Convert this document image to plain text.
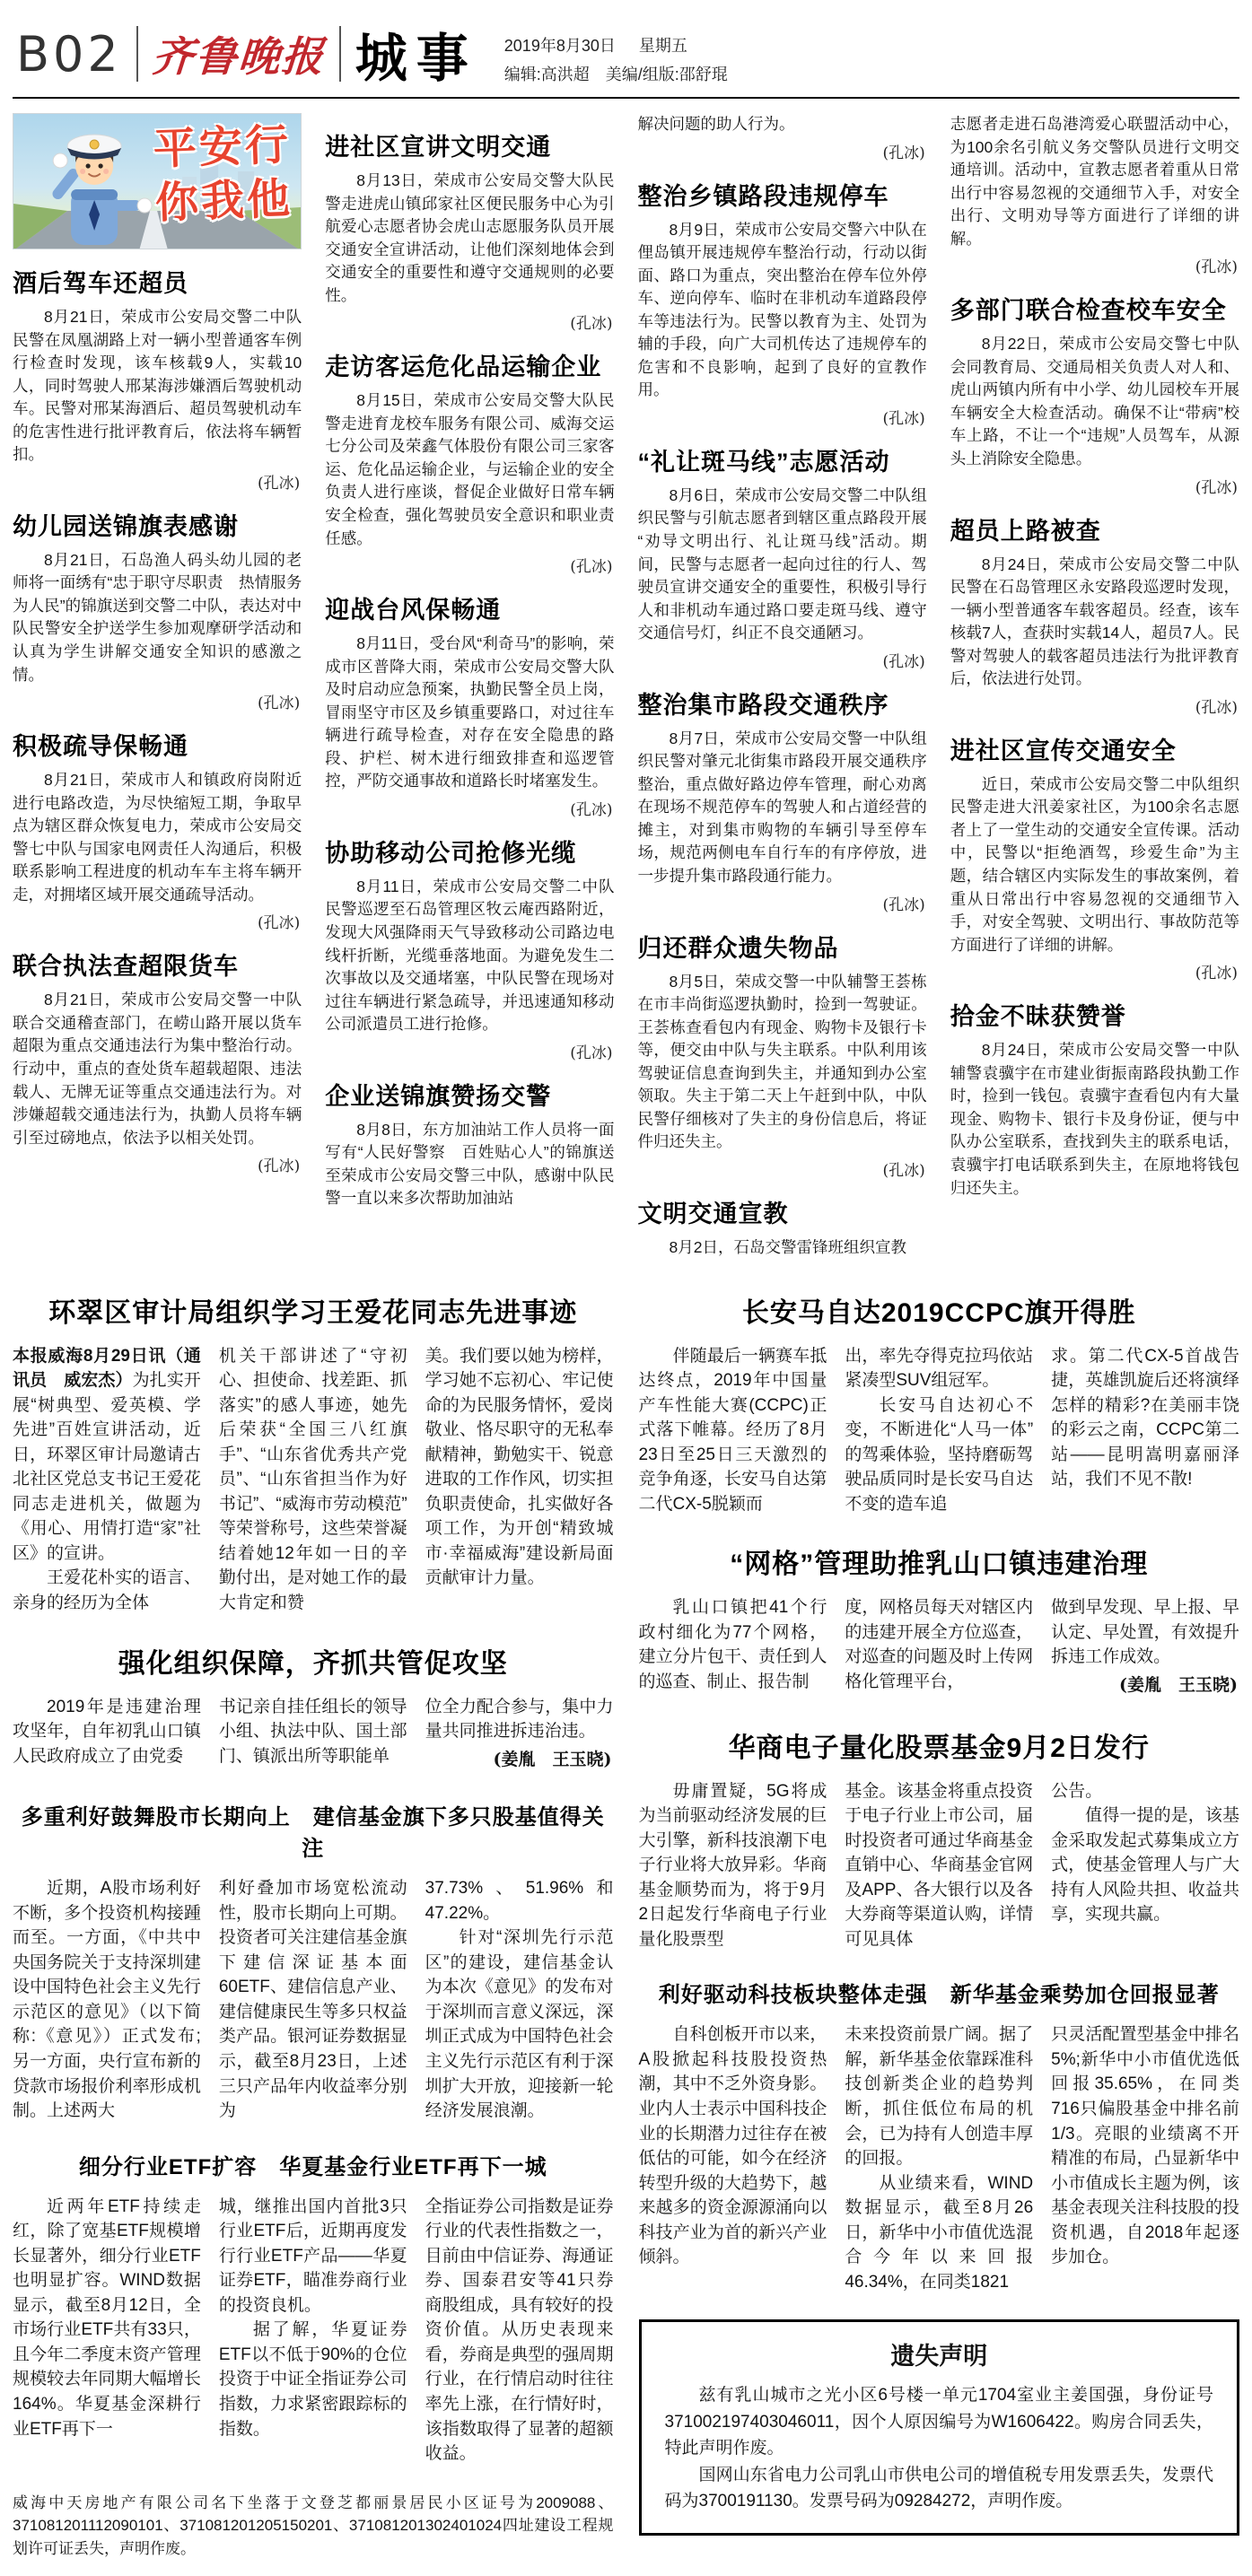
B02 齐鲁晚报 城事 2019年8月30日 星期五
编辑:高洪超　美编/组版:邵舒琨
平安行
你我他
酒后驾车还超员

8月21日，荣成市公安局交警二中队民警在凤凰湖路上对一辆小型普通客车例行检查时发现，该车核载9人，实载10人，同时驾驶人邢某海涉嫌酒后驾驶机动车。民警对邢某海酒后、超员驾驶机动车的危害性进行批评教育后，依法将车辆暂扣。

(孔冰)
幼儿园送锦旗表感谢

8月21日，石岛渔人码头幼儿园的老师将一面绣有“忠于职守尽职责　热情服务为人民”的锦旗送到交警二中队，表达对中队民警安全护送学生参加观摩研学活动和认真为学生讲解交通安全知识的感激之情。

(孔冰)
积极疏导保畅通

8月21日，荣成市人和镇政府岗附近进行电路改造，为尽快缩短工期，争取早点为辖区群众恢复电力，荣成市公安局交警七中队与国家电网责任人沟通后，积极联系影响工程进度的机动车车主将车辆开走，对拥堵区域开展交通疏导活动。

(孔冰)
联合执法查超限货车

8月21日，荣成市公安局交警一中队联合交通稽查部门，在崂山路开展以货车超限为重点交通违法行为集中整治行动。行动中，重点的查处货车超载超限、违法载人、无牌无证等重点交通违法行为。对涉嫌超载交通违法行为，执勤人员将车辆引至过磅地点，依法予以相关处罚。

(孔冰)
进社区宣讲文明交通

8月13日，荣成市公安局交警大队民警走进虎山镇邱家社区便民服务中心为引航爱心志愿者协会虎山志愿服务队员开展交通安全宣讲活动，让他们深刻地体会到交通安全的重要性和遵守交通规则的必要性。

(孔冰)
走访客运危化品运输企业

8月15日，荣成市公安局交警大队民警走进育龙校车服务有限公司、威海交运七分公司及荣鑫气体股份有限公司三家客运、危化品运输企业，与运输企业的安全负责人进行座谈，督促企业做好日常车辆安全检查，强化驾驶员安全意识和职业责任感。

(孔冰)
迎战台风保畅通

8月11日，受台风“利奇马”的影响，荣成市区普降大雨，荣成市公安局交警大队及时启动应急预案，执勤民警全员上岗，冒雨坚守市区及乡镇重要路口，对过往车辆进行疏导检查，对存在安全隐患的路段、护栏、树木进行细致排查和巡逻管控，严防交通事故和道路长时堵塞发生。

(孔冰)
协助移动公司抢修光缆

8月11日，荣成市公安局交警二中队民警巡逻至石岛管理区牧云庵西路附近，发现大风强降雨天气导致移动公司路边电线杆折断，光缆垂落地面。为避免发生二次事故以及交通堵塞，中队民警在现场对过往车辆进行紧急疏导，并迅速通知移动公司派遣员工进行抢修。

(孔冰)
企业送锦旗赞扬交警

8月8日，东方加油站工作人员将一面写有“人民好警察　百姓贴心人”的锦旗送至荣成市公安局交警三中队，感谢中队民警一直以来多次帮助加油站

解决问题的助人行为。

(孔冰)
整治乡镇路段违规停车

8月9日，荣成市公安局交警六中队在俚岛镇开展违规停车整治行动，行动以街面、路口为重点，突出整治在停车位外停车、逆向停车、临时在非机动车道路段停车等违法行为。民警以教育为主、处罚为辅的手段，向广大司机传达了违规停车的危害和不良影响，起到了良好的宣教作用。

(孔冰)
“礼让斑马线”志愿活动

8月6日，荣成市公安局交警二中队组织民警与引航志愿者到辖区重点路段开展“劝导文明出行、礼让斑马线”活动。期间，民警与志愿者一起向过往的行人、驾驶员宣讲交通安全的重要性，积极引导行人和非机动车通过路口要走斑马线、遵守交通信号灯，纠正不良交通陋习。

(孔冰)
整治集市路段交通秩序

8月7日，荣成市公安局交警一中队组织民警对肇元北街集市路段开展交通秩序整治，重点做好路边停车管理，耐心劝离在现场不规范停车的驾驶人和占道经营的摊主，对到集市购物的车辆引导至停车场，规范两侧电车自行车的有序停放，进一步提升集市路段通行能力。

(孔冰)
归还群众遗失物品

8月5日，荣成交警一中队辅警王荟栋在市丰尚街巡逻执勤时，捡到一驾驶证。王荟栋查看包内有现金、购物卡及银行卡等，便交由中队与失主联系。中队利用该驾驶证信息查询到失主，并通知到办公室领取。失主于第二天上午赶到中队，中队民警仔细核对了失主的身份信息后，将证件归还失主。

(孔冰)
文明交通宣教

8月2日，石岛交警雷锋班组织宣教

志愿者走进石岛港湾爱心联盟活动中心，为100余名引航义务交警队员进行文明交通培训。活动中，宣教志愿者着重从日常出行中容易忽视的交通细节入手，对安全出行、文明劝导等方面进行了详细的讲解。

(孔冰)
多部门联合检查校车安全

8月22日，荣成市公安局交警七中队会同教育局、交通局相关负责人对人和、虎山两镇内所有中小学、幼儿园校车开展车辆安全大检查活动。确保不让“带病”校车上路，不让一个“违规”人员驾车，从源头上消除安全隐患。

(孔冰)
超员上路被查

8月24日，荣成市公安局交警二中队民警在石岛管理区永安路段巡逻时发现，一辆小型普通客车载客超员。经查，该车核载7人，查获时实载14人，超员7人。民警对驾驶人的载客超员违法行为批评教育后，依法进行处罚。

(孔冰)
进社区宣传交通安全

近日，荣成市公安局交警二中队组织民警走进大汛姜家社区，为100余名志愿者上了一堂生动的交通安全宣传课。活动中，民警以“拒绝酒驾，珍爱生命”为主题，结合辖区内实际发生的事故案例，着重从日常出行中容易忽视的交通细节入手，对安全驾驶、文明出行、事故防范等方面进行了详细的讲解。

(孔冰)
拾金不昧获赞誉

8月24日，荣成市公安局交警一中队辅警袁骥宇在市建业街振南路段执勤工作时，捡到一钱包。袁骥宇查看包内有大量现金、购物卡、银行卡及身份证，便与中队办公室联系，查找到失主的联系电话，袁骥宇打电话联系到失主，在原地将钱包归还失主。

环翠区审计局组织学习王爱花同志先进事迹

本报威海8月29日讯（通讯员　威宏杰）为扎实开展“树典型、爱英模、学先进”百姓宣讲活动，近日，环翠区审计局邀请古北社区党总支书记王爱花同志走进机关，做题为《用心、用情打造“家”社区》的宣讲。

王爱花朴实的语言、亲身的经历为全体

机关干部讲述了“守初心、担使命、找差距、抓落实”的感人事迹，她先后荣获“全国三八红旗手”、“山东省优秀共产党员”、“山东省担当作为好书记”、“威海市劳动模范”等荣誉称号，这些荣誉凝结着她12年如一日的辛勤付出，是对她工作的最大肯定和赞

美。我们要以她为榜样，学习她不忘初心、牢记使命的为民服务情怀，爱岗敬业、恪尽职守的无私奉献精神，勤勉实干、锐意进取的工作作风，切实担负职责使命，扎实做好各项工作，为开创“精致城市·幸福威海”建设新局面贡献审计力量。

强化组织保障，齐抓共管促攻坚

2019年是违建治理攻坚年，自年初乳山口镇人民政府成立了由党委

书记亲自挂任组长的领导小组、执法中队、国土部门、镇派出所等职能单

位全力配合参与，集中力量共同推进拆违治违。

(姜胤　王玉晓)

多重利好鼓舞股市长期向上　建信基金旗下多只股基值得关注

近期，A股市场利好不断，多个投资机构接踵而至。一方面，《中共中央国务院关于支持深圳建设中国特色社会主义先行示范区的意见》（以下简称:《意见》）正式发布;另一方面，央行宣布新的贷款市场报价利率形成机制。上述两大

利好叠加市场宽松流动性，股市长期向上可期。投资者可关注建信基金旗下建信深证基本面60ETF、建信信息产业、建信健康民生等多只权益类产品。银河证券数据显示，截至8月23日，上述三只产品年内收益率分别为

37.73%、51.96%和47.22%。

针对“深圳先行示范区”的建设，建信基金认为本次《意见》的发布对于深圳而言意义深远，深圳正式成为中国特色社会主义先行示范区有利于深圳扩大开放，迎接新一轮经济发展浪潮。

细分行业ETF扩容　华夏基金行业ETF再下一城

近两年ETF持续走红，除了宽基ETF规模增长显著外，细分行业ETF也明显扩容。WIND数据显示，截至8月12日，全市场行业ETF共有33只，且今年二季度末资产管理规模较去年同期大幅增长164%。华夏基金深耕行业ETF再下一

城，继推出国内首批3只行业ETF后，近期再度发行行业ETF产品——华夏证券ETF，瞄准券商行业的投资良机。

据了解，华夏证券ETF以不低于90%的仓位投资于中证全指证券公司指数，力求紧密跟踪标的指数。

全指证券公司指数是证券行业的代表性指数之一，目前由中信证券、海通证券、国泰君安等41只券商股组成，具有较好的投资价值。从历史表现来看，券商是典型的强周期行业，在行情启动时往往率先上涨，在行情好时，该指数取得了显著的超额收益。

威海中天房地产有限公司名下坐落于文登芝都丽景居民小区证号为2009088、371081201112090101、371081201205150201、371081201302401024四址建设工程规划许可证丢失，声明作废。

长安马自达2019CCPC旗开得胜

伴随最后一辆赛车抵达终点，2019年中国量产车性能大赛(CCPC)正式落下帷幕。经历了8月23日至25日三天激烈的竞争角逐，长安马自达第二代CX-5脱颖而

出，率先夺得克拉玛依站紧凑型SUV组冠军。

长安马自达初心不变，不断进化“人马一体”的驾乘体验，坚持磨砺驾驶品质同时是长安马自达不变的造车追

求。第二代CX-5首战告捷，英雄凯旋后还将演绎怎样的精彩?在美丽丰饶的彩云之南，CCPC第二站——昆明嵩明嘉丽泽站，我们不见不散!

“网格”管理助推乳山口镇违建治理

乳山口镇把41个行政村细化为77个网格，建立分片包干、责任到人的巡查、制止、报告制

度，网格员每天对辖区内的违建开展全方位巡查，对巡查的问题及时上传网格化管理平台，

做到早发现、早上报、早认定、早处置，有效提升拆违工作成效。

(姜胤　王玉晓)

华商电子量化股票基金9月2日发行

毋庸置疑，5G将成为当前驱动经济发展的巨大引擎，新科技浪潮下电子行业将大放异彩。华商基金顺势而为，将于9月2日起发行华商电子行业量化股票型

基金。该基金将重点投资于电子行业上市公司，届时投资者可通过华商基金直销中心、华商基金官网及APP、各大银行以及各大券商等渠道认购，详情可见具体

公告。

值得一提的是，该基金采取发起式募集成立方式，使基金管理人与广大持有人风险共担、收益共享，实现共赢。

利好驱动科技板块整体走强　新华基金乘势加仓回报显著

自科创板开市以来，A股掀起科技股投资热潮，其中不乏外资身影。业内人士表示中国科技企业的长期潜力过往存在被低估的可能，如今在经济转型升级的大趋势下，越来越多的资金源源涌向以科技产业为首的新兴产业倾斜。

未来投资前景广阔。据了解，新华基金依靠踩准科技创新类企业的趋势判断，抓住低位布局的机会，已为持有人创造丰厚的回报。

从业绩来看，WIND数据显示，截至8月26日，新华中小市值优选混合今年以来回报46.34%，在同类1821

只灵活配置型基金中排名5%;新华中小市值优选低回报35.65%，在同类716只偏股基金中排名前1/3。亮眼的业绩离不开精准的布局，凸显新华中小市值成长主题为例，该基金表现关注科技股的投资机遇，自2018年起逐步加仓。

遗失声明

兹有乳山城市之光小区6号楼一单元1704室业主姜国强，身份证号371002197403046011，因个人原因编号为W1606422。购房合同丢失，特此声明作废。

国网山东省电力公司乳山市供电公司的增值税专用发票丢失，发票代码为3700191130。发票号码为09284272，声明作废。
